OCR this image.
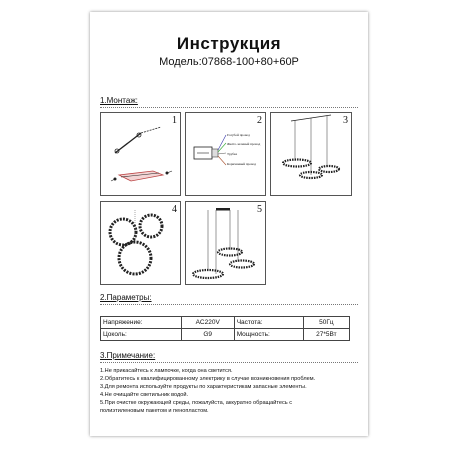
Инструкция
Модель:07868-100+80+60P
1.Монтаж:
1	2
Голубой провод
Желто-зеленый провод
Трубка
Коричневый провод
3
4	5
2.Параметры:
Напряжение:	AC220V	Частота:	50Гц
Цоколь:	G9	Мощность:	27*5Вт
3.Примечание:
1.Не прикасайтесь к лампочке, когда она светится.
2.Обратитесь к квалифицированному электрику в случае возникновения проблем.
3.Для ремонта используйте продукты по характеристикам запасные элементы.
4.Не очищайте светильник водой.
5.При очистке окружающей среды, пожалуйста, аккуратно обращайтесь с
полиэтиленовым пакетом и пенопластом.
